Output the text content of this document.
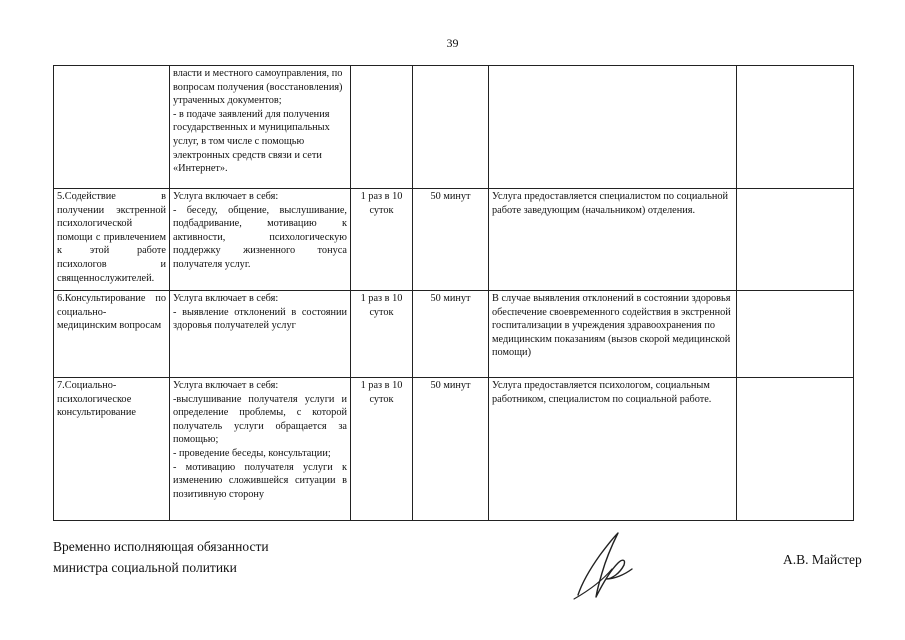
39

	власти и местного самоуправления, по вопросам получения (восстановления) утраченных документов;
- в подаче заявлений для получения государственных и муниципальных услуг, в том числе с помощью электронных средств связи и сети «Интернет».				

5.Содействие в получении экстренной психологической помощи с привлечением к этой работе психологов и священнослужителей.	Услуга включает в себя:
- беседу, общение, выслушивание, подбадривание, мотивацию к активности, психологическую поддержку жизненного тонуса получателя услуг.	1 раз в 10 суток	50 минут	Услуга предоставляется специалистом по социальной работе заведующим (начальником) отделения.	
6.Консультирование по социально-медицинским вопросам	Услуга включает в себя:
- выявление отклонений в состоянии здоровья получателей услуг	1 раз в 10 суток	50 минут	В случае выявления отклонений в состоянии здоровья обеспечение своевременного содействия в экстренной госпитализации в учреждения здравоохранения по медицинским показаниям (вызов скорой медицинской помощи)	
7.Социально-психологическое консультирование	Услуга включает в себя:
-выслушивание получателя услуги и определение проблемы, с которой получатель услуги обращается за помощью;
- проведение беседы, консультации;
- мотивацию получателя услуги к изменению сложившейся ситуации в позитивную сторону	1 раз в 10 суток	50 минут	Услуга предоставляется психологом, социальным работником, специалистом по социальной работе.	
Временно исполняющая обязанности
министра социальной политики
А.В. Майстер
